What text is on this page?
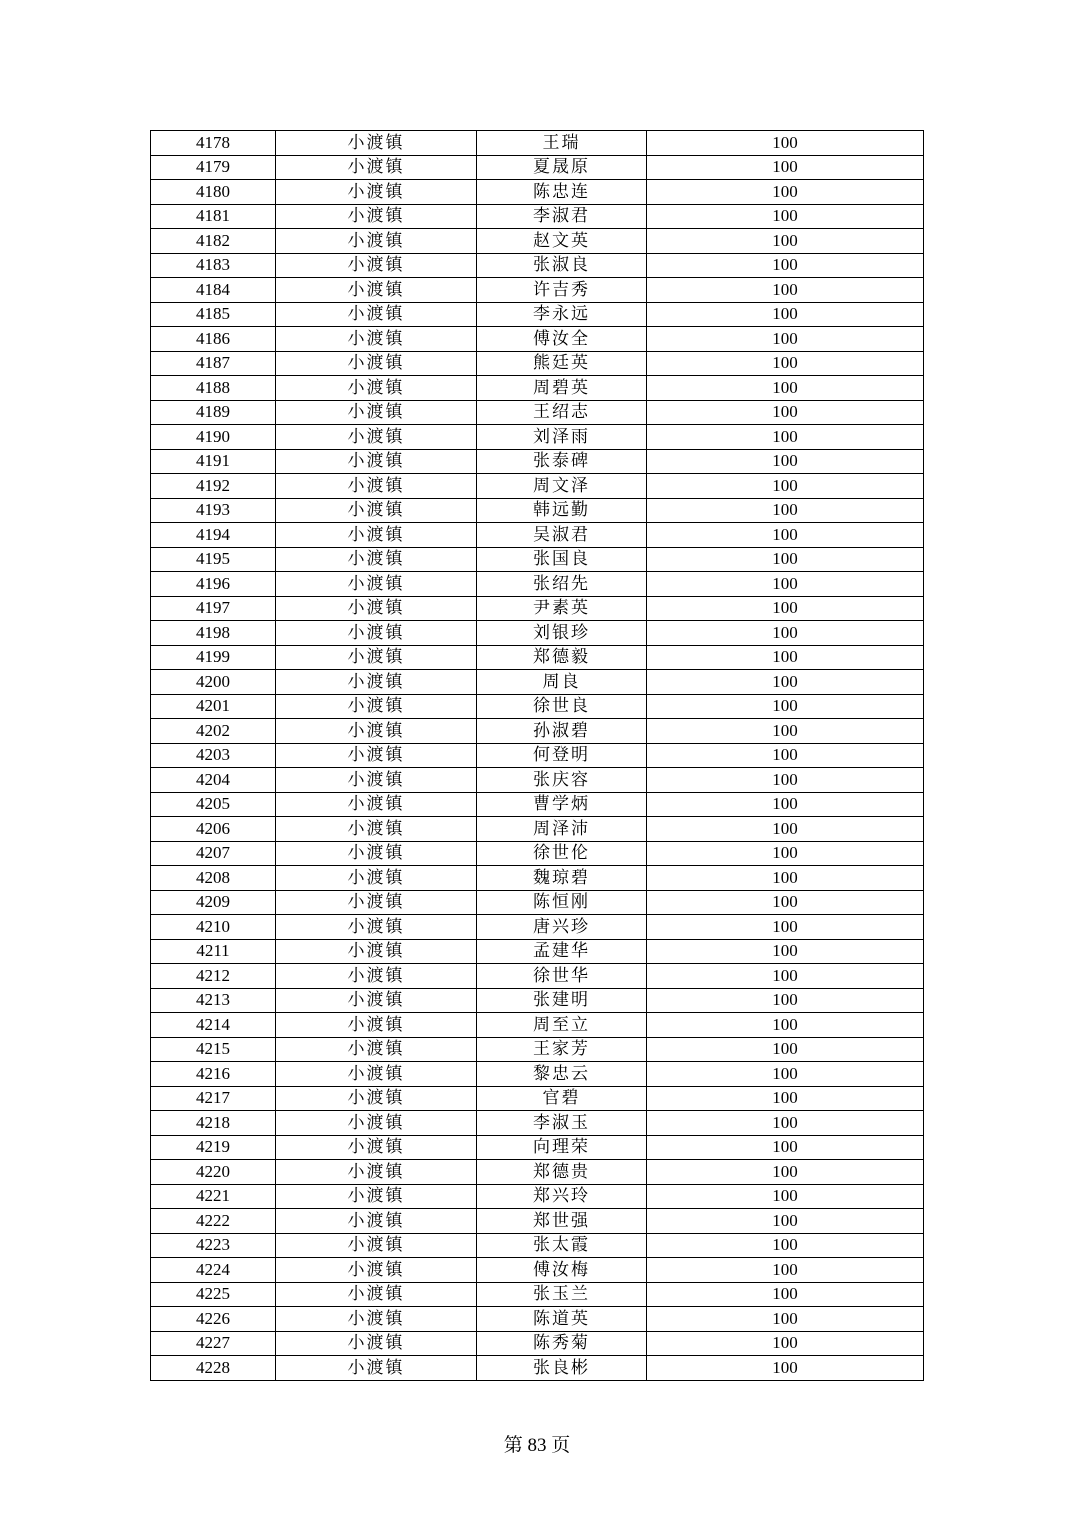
4178	小渡镇	王瑞	100
4179	小渡镇	夏晟原	100
4180	小渡镇	陈忠连	100
4181	小渡镇	李淑君	100
4182	小渡镇	赵文英	100
4183	小渡镇	张淑良	100
4184	小渡镇	许吉秀	100
4185	小渡镇	李永远	100
4186	小渡镇	傅汝全	100
4187	小渡镇	熊廷英	100
4188	小渡镇	周碧英	100
4189	小渡镇	王绍志	100
4190	小渡镇	刘泽雨	100
4191	小渡镇	张泰碑	100
4192	小渡镇	周文泽	100
4193	小渡镇	韩远勤	100
4194	小渡镇	吴淑君	100
4195	小渡镇	张国良	100
4196	小渡镇	张绍先	100
4197	小渡镇	尹素英	100
4198	小渡镇	刘银珍	100
4199	小渡镇	郑德毅	100
4200	小渡镇	周良	100
4201	小渡镇	徐世良	100
4202	小渡镇	孙淑碧	100
4203	小渡镇	何登明	100
4204	小渡镇	张庆容	100
4205	小渡镇	曹学炳	100
4206	小渡镇	周泽沛	100
4207	小渡镇	徐世伦	100
4208	小渡镇	魏琼碧	100
4209	小渡镇	陈恒刚	100
4210	小渡镇	唐兴珍	100
4211	小渡镇	孟建华	100
4212	小渡镇	徐世华	100
4213	小渡镇	张建明	100
4214	小渡镇	周至立	100
4215	小渡镇	王家芳	100
4216	小渡镇	黎忠云	100
4217	小渡镇	官碧	100
4218	小渡镇	李淑玉	100
4219	小渡镇	向理荣	100
4220	小渡镇	郑德贵	100
4221	小渡镇	郑兴玲	100
4222	小渡镇	郑世强	100
4223	小渡镇	张太霞	100
4224	小渡镇	傅汝梅	100
4225	小渡镇	张玉兰	100
4226	小渡镇	陈道英	100
4227	小渡镇	陈秀菊	100
4228	小渡镇	张良彬	100
第 83 页
